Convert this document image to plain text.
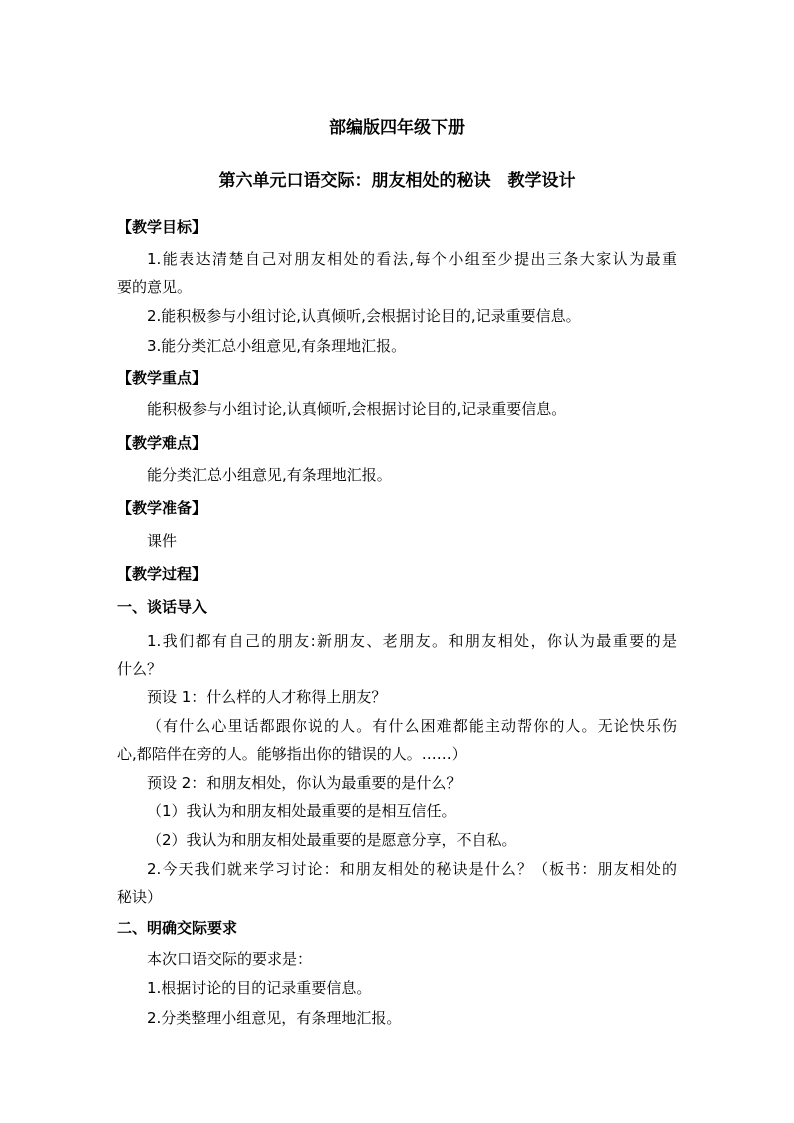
部编版四年级下册
第六单元口语交际：朋友相处的秘诀　教学设计
【教学目标】
1.能表达清楚自己对朋友相处的看法,每个小组至少提出三条大家认为最重
要的意见。
2.能积极参与小组讨论,认真倾听,会根据讨论目的,记录重要信息。
3.能分类汇总小组意见,有条理地汇报。
【教学重点】
能积极参与小组讨论,认真倾听,会根据讨论目的,记录重要信息。
【教学难点】
能分类汇总小组意见,有条理地汇报。
【教学准备】
课件
【教学过程】
一、谈话导入
1.我们都有自己的朋友:新朋友、老朋友。和朋友相处，你认为最重要的是
什么？
预设 1：什么样的人才称得上朋友？
（有什么心里话都跟你说的人。有什么困难都能主动帮你的人。无论快乐伤
心,都陪伴在旁的人。能够指出你的错误的人。……）
预设 2：和朋友相处，你认为最重要的是什么？
（1）我认为和朋友相处最重要的是相互信任。
（2）我认为和朋友相处最重要的是愿意分享，不自私。
2.今天我们就来学习讨论：和朋友相处的秘诀是什么？（板书：朋友相处的
秘诀）
二、明确交际要求
本次口语交际的要求是：
1.根据讨论的目的记录重要信息。
2.分类整理小组意见，有条理地汇报。
